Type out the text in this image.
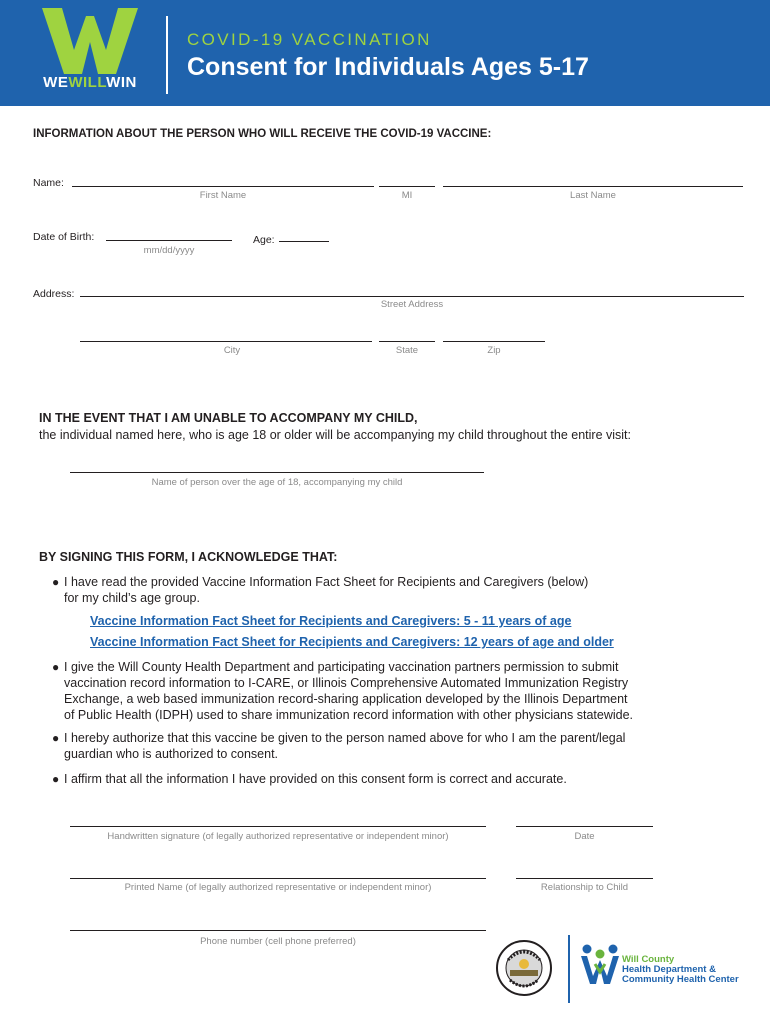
WEWILLWIN
COVID-19 VACCINATION
Consent for Individuals Ages 5-17
INFORMATION ABOUT THE PERSON WHO WILL RECEIVE THE COVID-19 VACCINE:
Name:
First Name	MI	Last Name
Date of Birth:
mm/dd/yyyy
Age:
Address:
Street Address
City	State	Zip
IN THE EVENT THAT I AM UNABLE TO ACCOMPANY MY CHILD,
the individual named here, who is age 18 or older will be accompanying my child throughout the entire visit:
Name of person over the age of 18, accompanying my child
BY SIGNING THIS FORM, I ACKNOWLEDGE THAT:
● I have read the provided Vaccine Information Fact Sheet for Recipients and Caregivers (below)
for my child’s age group.
Vaccine Information Fact Sheet for Recipients and Caregivers: 5 - 11 years of age
Vaccine Information Fact Sheet for Recipients and Caregivers: 12 years of age and older
● I give the Will County Health Department and participating vaccination partners permission to submit
vaccination record information to I-CARE, or Illinois Comprehensive Automated Immunization Registry
Exchange, a web based immunization record-sharing application developed by the Illinois Department
of Public Health (IDPH) used to share immunization record information with other physicians statewide.
● I hereby authorize that this vaccine be given to the person named above for who I am the parent/legal
guardian who is authorized to consent.
● I affirm that all the information I have provided on this consent form is correct and accurate.
Handwritten signature (of legally authorized representative or independent minor)	Date
Printed Name (of legally authorized representative or independent minor)	Relationship to Child
Phone number (cell phone preferred)
Will County
Health Department &
Community Health Center
